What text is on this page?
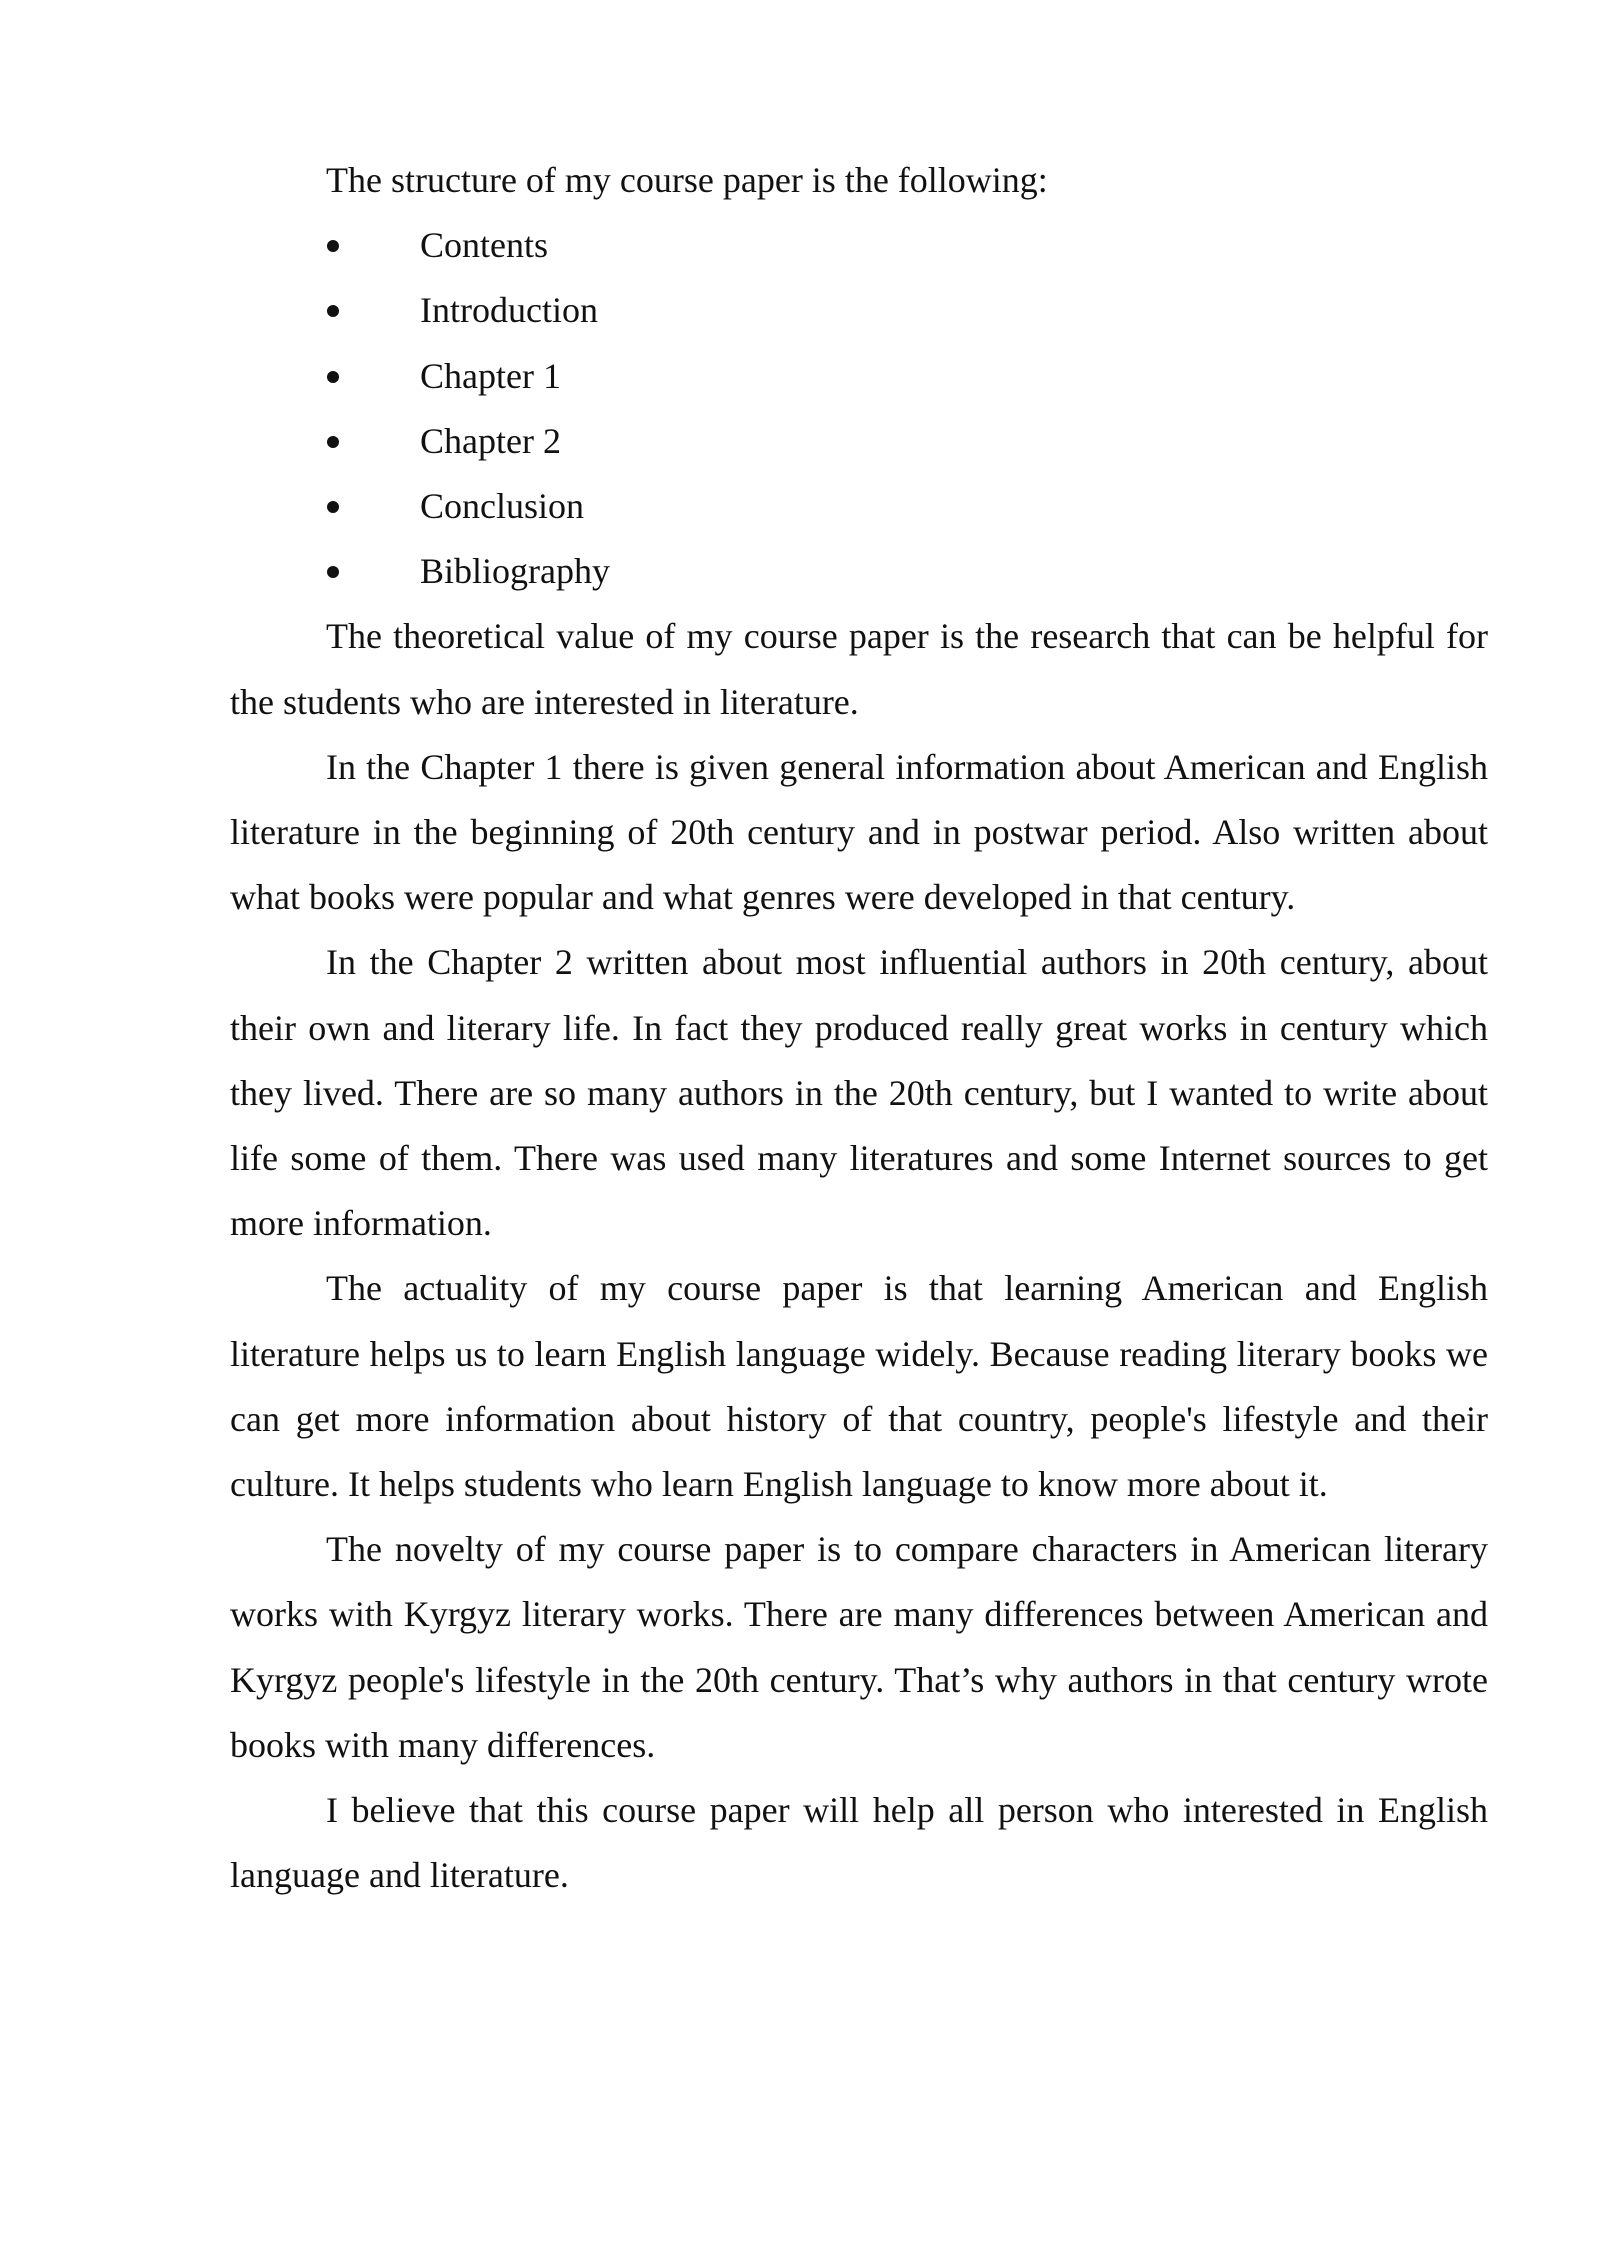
The structure of my course paper is the following:

Contents
Introduction
Chapter 1
Chapter 2
Conclusion
Bibliography

The theoretical value of my course paper is the research that can be helpful for the students who are interested in literature.

In the Chapter 1 there is given general information about American and English literature in the beginning of 20th century and in postwar period. Also written about what books were popular and what genres were developed in that century.

In the Chapter 2 written about most influential authors in 20th century, about their own and literary life. In fact they produced really great works in century which they lived. There are so many authors in the 20th century, but I wanted to write about life some of them. There was used many literatures and some Internet sources to get more information.

The actuality of my course paper is that learning American and English literature helps us to learn English language widely. Because reading literary books we can get more information about history of that country, people's lifestyle and their culture. It helps students who learn English language to know more about it.

The novelty of my course paper is to compare characters in American literary works with Kyrgyz literary works. There are many differences between American and Kyrgyz people's lifestyle in the 20th century. That’s why authors in that century wrote books with many differences.

I believe that this course paper will help all person who interested in English language and literature.
